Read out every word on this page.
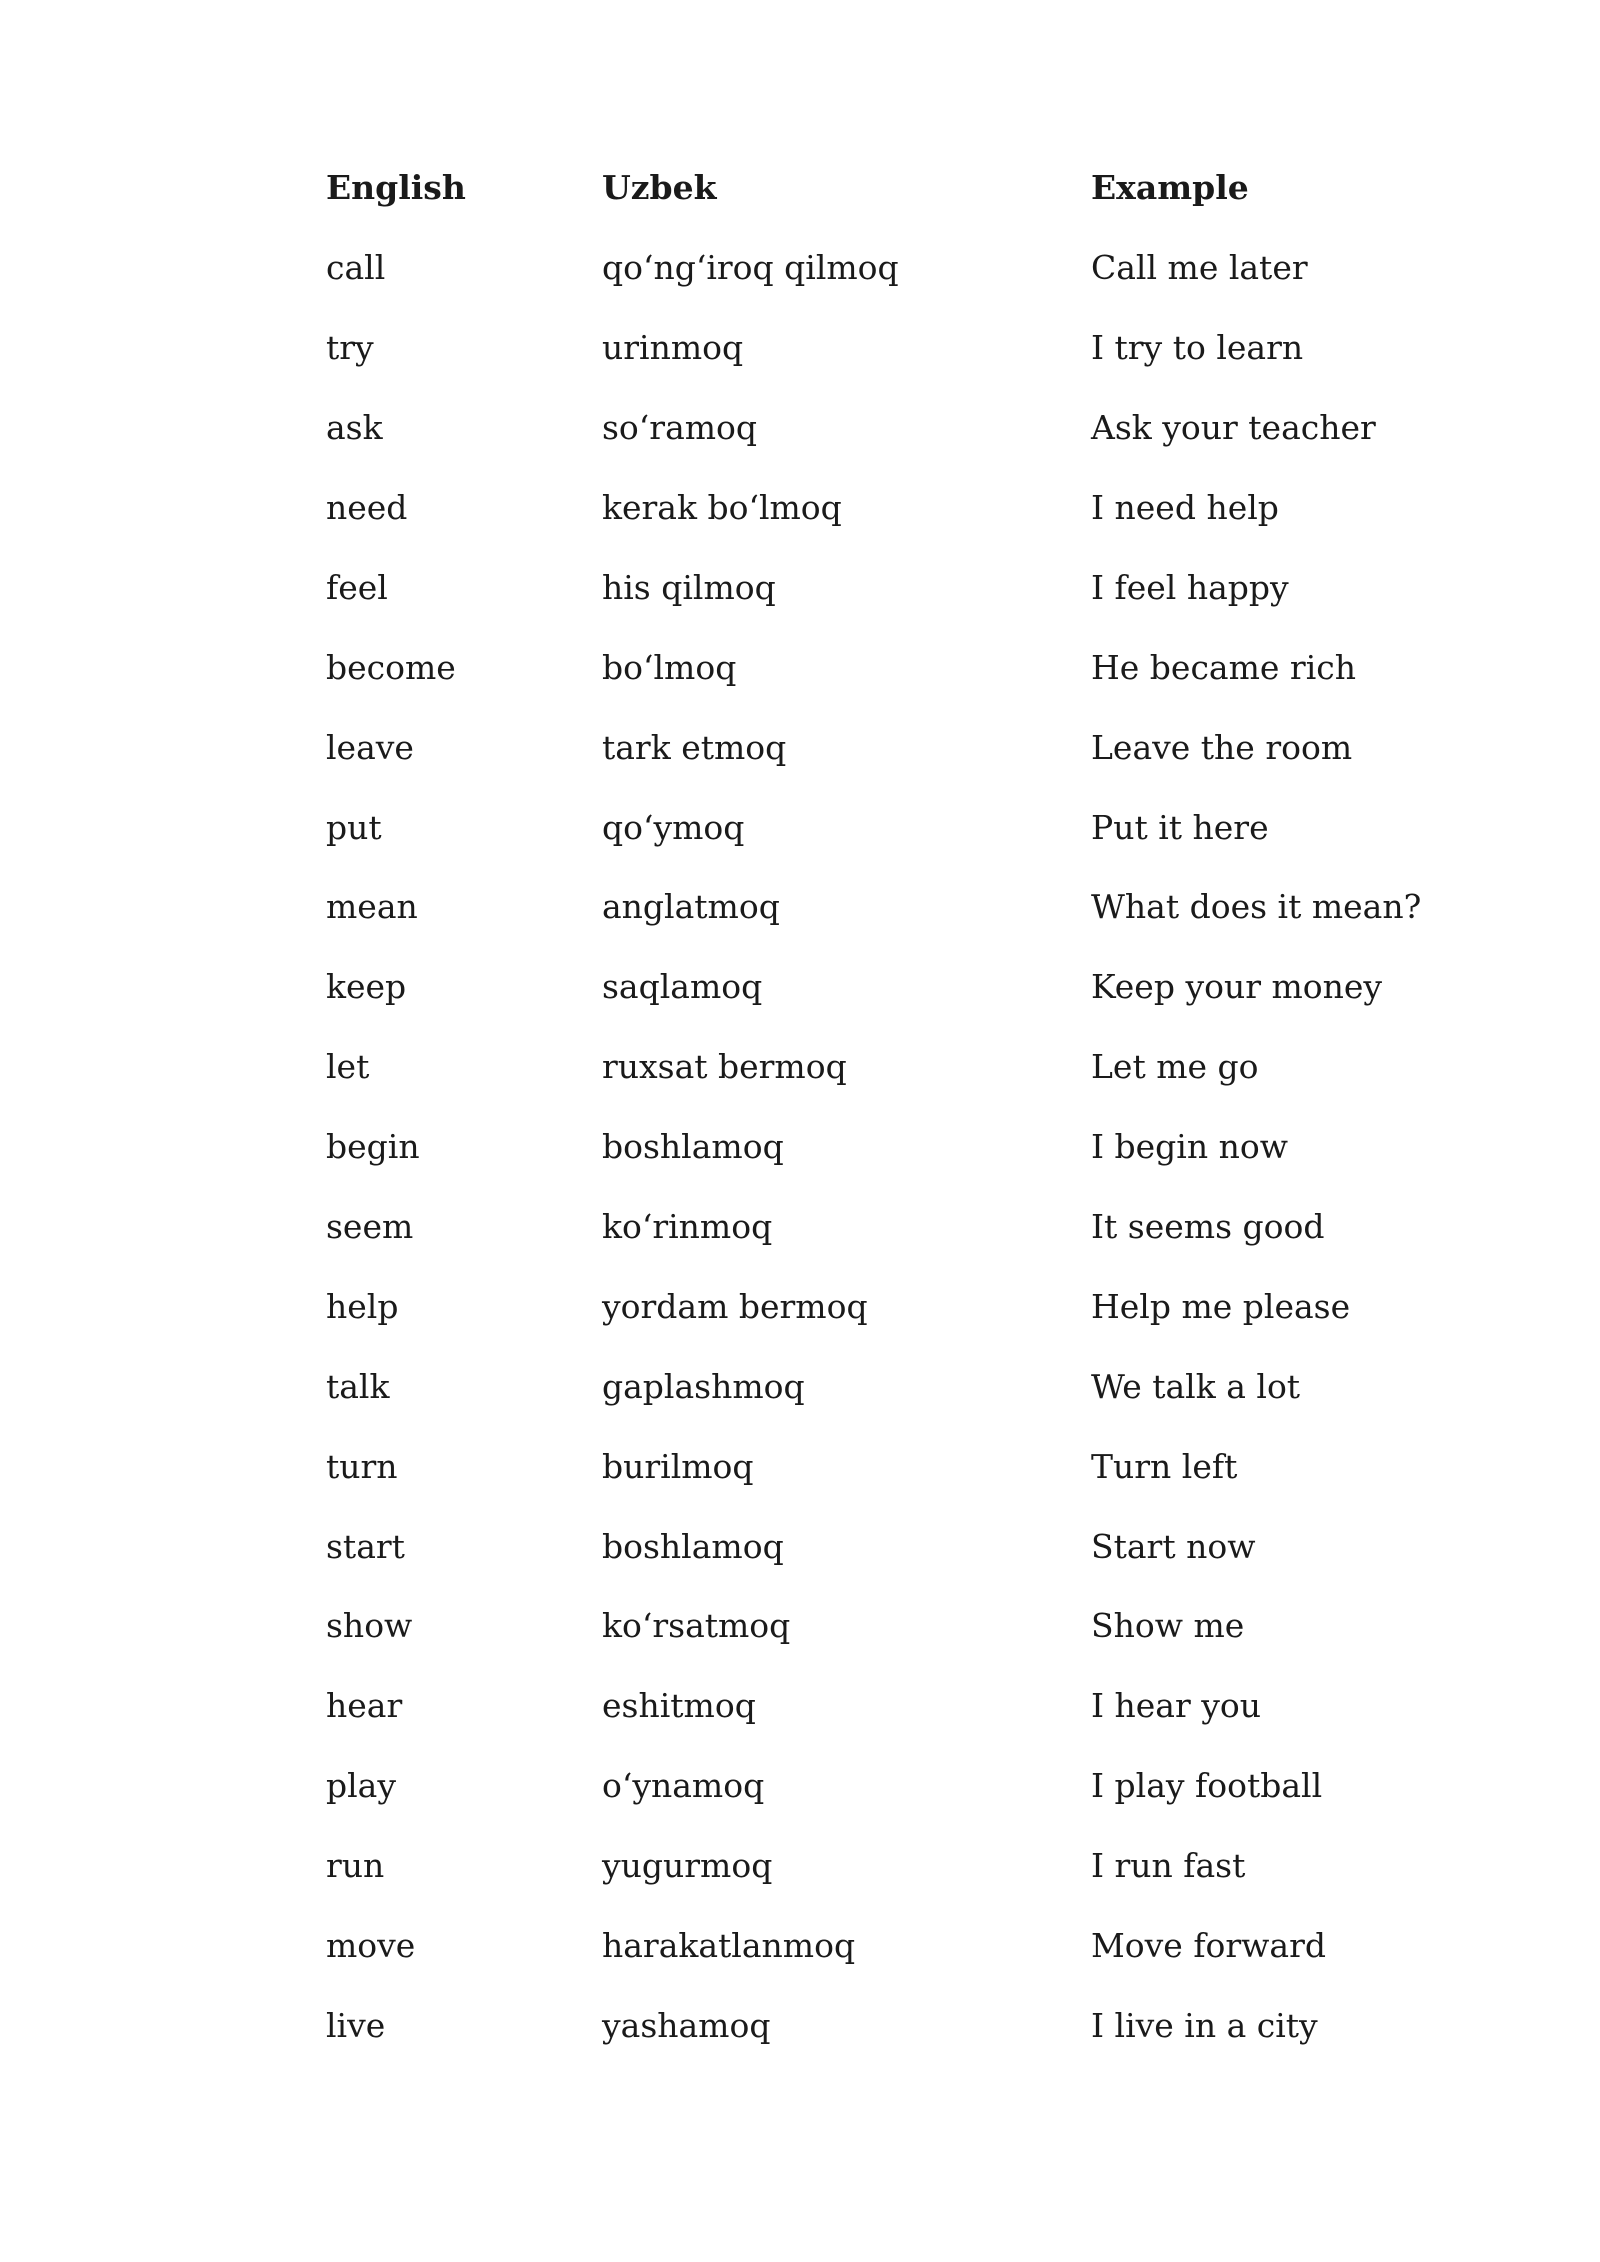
English	Uzbek	Example
call	qo‘ng‘iroq qilmoq	Call me later
try	urinmoq	I try to learn
ask	so‘ramoq	Ask your teacher
need	kerak bo‘lmoq	I need help
feel	his qilmoq	I feel happy
become	bo‘lmoq	He became rich
leave	tark etmoq	Leave the room
put	qo‘ymoq	Put it here
mean	anglatmoq	What does it mean?
keep	saqlamoq	Keep your money
let	ruxsat bermoq	Let me go
begin	boshlamoq	I begin now
seem	ko‘rinmoq	It seems good
help	yordam bermoq	Help me please
talk	gaplashmoq	We talk a lot
turn	burilmoq	Turn left
start	boshlamoq	Start now
show	ko‘rsatmoq	Show me
hear	eshitmoq	I hear you
play	o‘ynamoq	I play football
run	yugurmoq	I run fast
move	harakatlanmoq	Move forward
live	yashamoq	I live in a city
